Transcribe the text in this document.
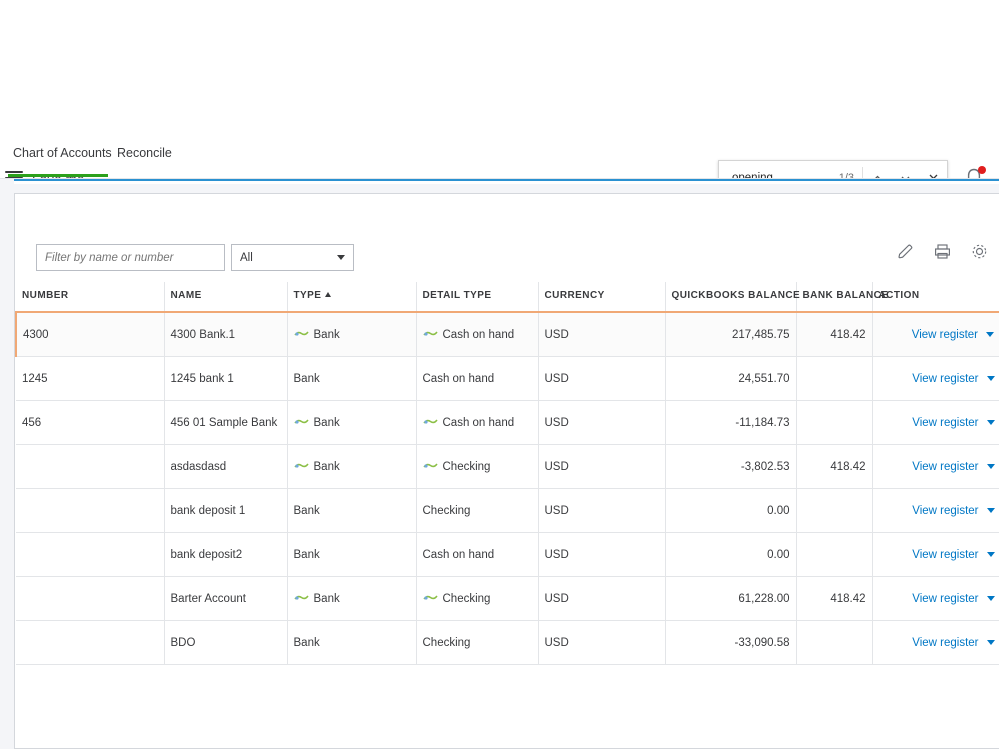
opening
Chart of Accounts Reconcile
Filter by name or number
All
NUMBER	NAME	TYPE	DETAIL TYPE	CURRENCY	QUICKBOOKS BALANCE	BANK BALANCE	ACTION
4300	4300 Bank.1	Bank	Cash on hand	USD	217,485.75	418.42	View register

1245	1245 bank 1	Bank	Cash on hand	USD	24,551.70		View register

456	456 01 Sample Bank	Bank	Cash on hand	USD	-11,184.73		View register

	asdasdasd	Bank	Checking	USD	-3,802.53	418.42	View register

	bank deposit 1	Bank	Checking	USD	0.00		View register

	bank deposit2	Bank	Cash on hand	USD	0.00		View register

	Barter Account	Bank	Checking	USD	61,228.00	418.42	View register

	BDO	Bank	Checking	USD	-33,090.58		View register
